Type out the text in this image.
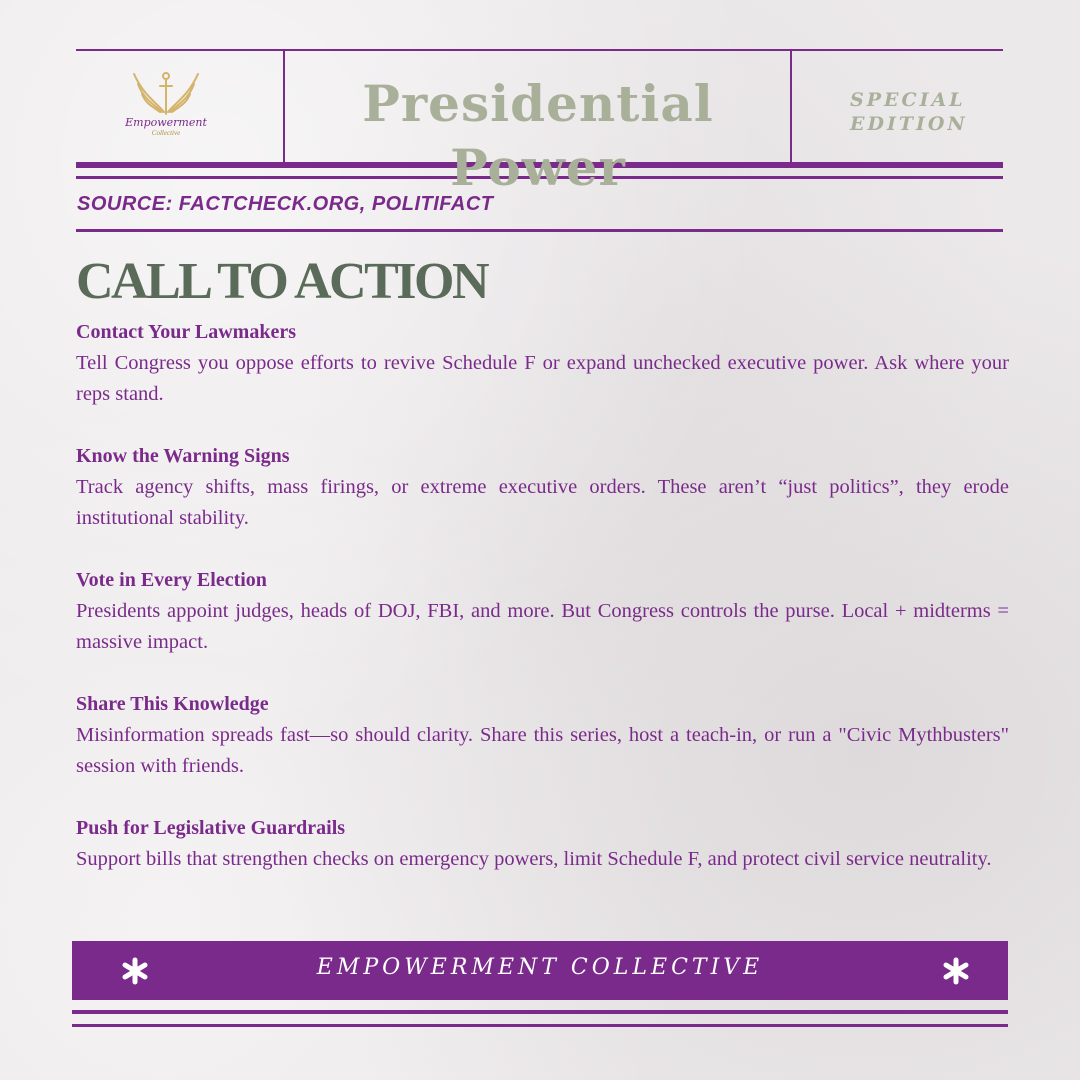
Empowerment
Collective	Presidential Power
SPECIAL
EDITION
SOURCE: FACTCHECK.ORG, POLITIFACT
CALL TO ACTION
Contact Your Lawmakers
Tell Congress you oppose efforts to revive Schedule F or expand unchecked executive power. Ask where your reps stand.
Know the Warning Signs
Track agency shifts, mass firings, or extreme executive orders. These aren’t “just politics”, they erode institutional stability.
Vote in Every Election
Presidents appoint judges, heads of DOJ, FBI, and more. But Congress controls the purse. Local + midterms = massive impact.
Share This Knowledge
Misinformation spreads fast—so should clarity. Share this series, host a teach-in, or run a "Civic Mythbusters" session with friends.
Push for Legislative Guardrails
Support bills that strengthen checks on emergency powers, limit Schedule F, and protect civil service neutrality.
EMPOWERMENT COLLECTIVE
